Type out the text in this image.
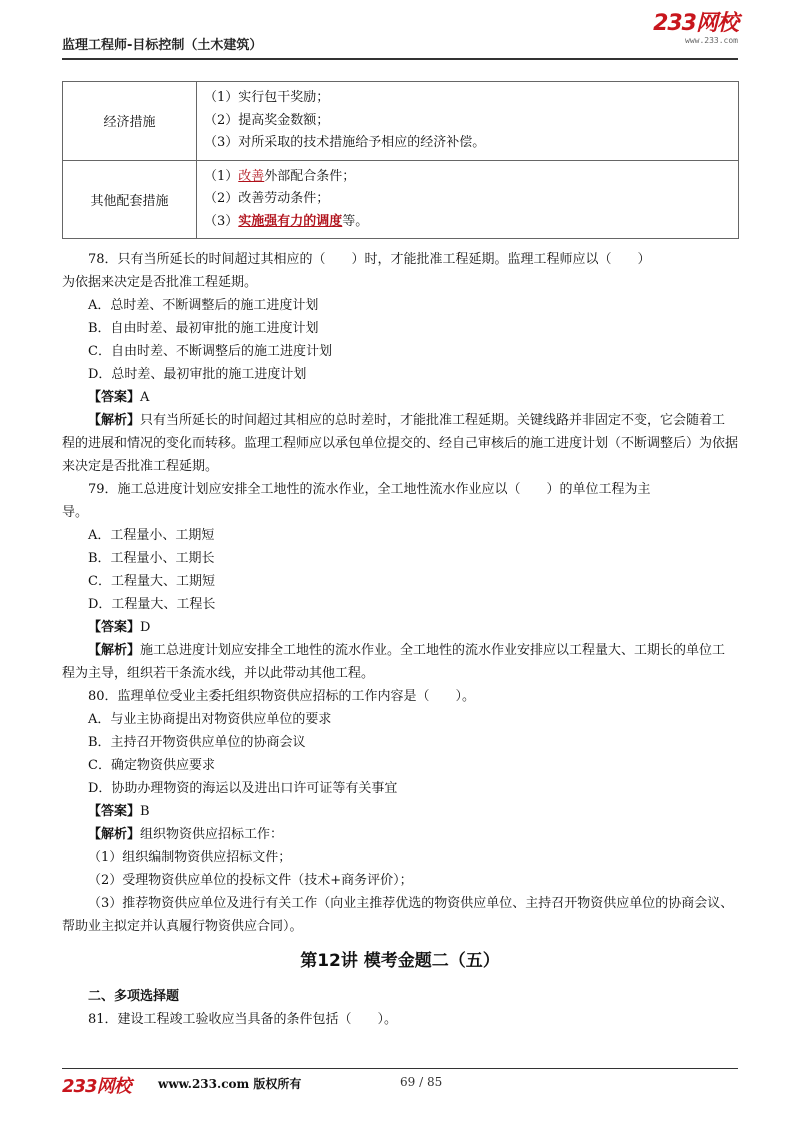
监理工程师-目标控制（土木建筑）
233网校
www.233.com
经济措施	（1）实行包干奖励；
（2）提高奖金数额；
（3）对所采取的技术措施给予相应的经济补偿。

其他配套措施	（1）改善外部配合条件；
（2）改善劳动条件；
（3）实施强有力的调度等。

78．只有当所延长的时间超过其相应的（　　）时，才能批准工程延期。监理工程师应以（　　）

为依据来决定是否批准工程延期。

A．总时差、不断调整后的施工进度计划

B．自由时差、最初审批的施工进度计划

C．自由时差、不断调整后的施工进度计划

D．总时差、最初审批的施工进度计划

【答案】A

【解析】只有当所延长的时间超过其相应的总时差时，才能批准工程延期。关键线路并非固定不变，它会随着工程的进展和情况的变化而转移。监理工程师应以承包单位提交的、经自己审核后的施工进度计划（不断调整后）为依据来决定是否批准工程延期。

79．施工总进度计划应安排全工地性的流水作业，全工地性流水作业应以（　　）的单位工程为主

导。

A．工程量小、工期短

B．工程量小、工期长

C．工程量大、工期短

D．工程量大、工程长

【答案】D

【解析】施工总进度计划应安排全工地性的流水作业。全工地性的流水作业安排应以工程量大、工期长的单位工程为主导，组织若干条流水线，并以此带动其他工程。

80．监理单位受业主委托组织物资供应招标的工作内容是（　　）。

A．与业主协商提出对物资供应单位的要求

B．主持召开物资供应单位的协商会议

C．确定物资供应要求

D．协助办理物资的海运以及进出口许可证等有关事宜

【答案】B

【解析】组织物资供应招标工作：

（1）组织编制物资供应招标文件；

（2）受理物资供应单位的投标文件（技术+商务评价）；

（3）推荐物资供应单位及进行有关工作（向业主推荐优选的物资供应单位、主持召开物资供应单位的协商会议、帮助业主拟定并认真履行物资供应合同）。

第12讲 模考金题二（五）

二、多项选择题

81．建设工程竣工验收应当具备的条件包括（　　）。

233网校 www.233.com 版权所有	69 / 85
